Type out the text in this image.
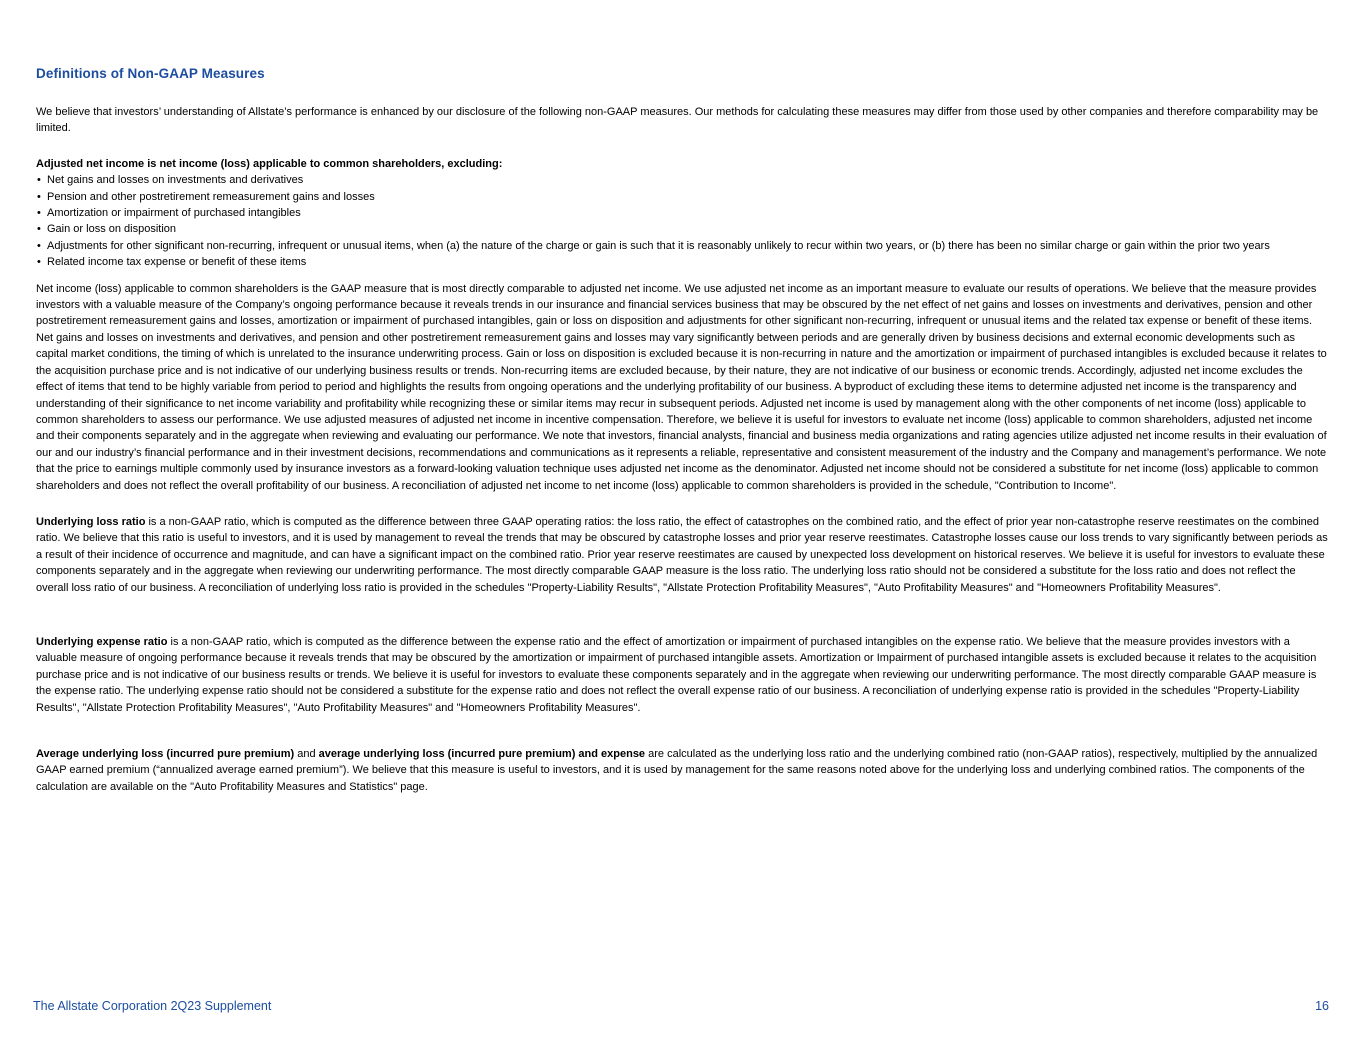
Definitions of Non-GAAP Measures

We believe that investors’ understanding of Allstate’s performance is enhanced by our disclosure of the following non-GAAP measures. Our methods for calculating these measures may differ from those used by other companies and therefore comparability may be limited.

Adjusted net income is net income (loss) applicable to common shareholders, excluding:

• Net gains and losses on investments and derivatives
• Pension and other postretirement remeasurement gains and losses
• Amortization or impairment of purchased intangibles
• Gain or loss on disposition
• Adjustments for other significant non-recurring, infrequent or unusual items, when (a) the nature of the charge or gain is such that it is reasonably unlikely to recur within two years, or (b) there has been no similar charge or gain within the prior two years
• Related income tax expense or benefit of these items

Net income (loss) applicable to common shareholders is the GAAP measure that is most directly comparable to adjusted net income. We use adjusted net income as an important measure to evaluate our results of operations. We believe that the measure provides investors with a valuable measure of the Company’s ongoing performance because it reveals trends in our insurance and financial services business that may be obscured by the net effect of net gains and losses on investments and derivatives, pension and other postretirement remeasurement gains and losses, amortization or impairment of purchased intangibles, gain or loss on disposition and adjustments for other significant non-recurring, infrequent or unusual items and the related tax expense or benefit of these items. Net gains and losses on investments and derivatives, and pension and other postretirement remeasurement gains and losses may vary significantly between periods and are generally driven by business decisions and external economic developments such as capital market conditions, the timing of which is unrelated to the insurance underwriting process. Gain or loss on disposition is excluded because it is non-recurring in nature and the amortization or impairment of purchased intangibles is excluded because it relates to the acquisition purchase price and is not indicative of our underlying business results or trends. Non-recurring items are excluded because, by their nature, they are not indicative of our business or economic trends. Accordingly, adjusted net income excludes the effect of items that tend to be highly variable from period to period and highlights the results from ongoing operations and the underlying profitability of our business. A byproduct of excluding these items to determine adjusted net income is the transparency and understanding of their significance to net income variability and profitability while recognizing these or similar items may recur in subsequent periods. Adjusted net income is used by management along with the other components of net income (loss) applicable to common shareholders to assess our performance. We use adjusted measures of adjusted net income in incentive compensation. Therefore, we believe it is useful for investors to evaluate net income (loss) applicable to common shareholders, adjusted net income and their components separately and in the aggregate when reviewing and evaluating our performance. We note that investors, financial analysts, financial and business media organizations and rating agencies utilize adjusted net income results in their evaluation of our and our industry’s financial performance and in their investment decisions, recommendations and communications as it represents a reliable, representative and consistent measurement of the industry and the Company and management’s performance. We note that the price to earnings multiple commonly used by insurance investors as a forward-looking valuation technique uses adjusted net income as the denominator. Adjusted net income should not be considered a substitute for net income (loss) applicable to common shareholders and does not reflect the overall profitability of our business. A reconciliation of adjusted net income to net income (loss) applicable to common shareholders is provided in the schedule, "Contribution to Income".

Underlying loss ratio is a non-GAAP ratio, which is computed as the difference between three GAAP operating ratios: the loss ratio, the effect of catastrophes on the combined ratio, and the effect of prior year non-catastrophe reserve reestimates on the combined ratio. We believe that this ratio is useful to investors, and it is used by management to reveal the trends that may be obscured by catastrophe losses and prior year reserve reestimates. Catastrophe losses cause our loss trends to vary significantly between periods as a result of their incidence of occurrence and magnitude, and can have a significant impact on the combined ratio. Prior year reserve reestimates are caused by unexpected loss development on historical reserves. We believe it is useful for investors to evaluate these components separately and in the aggregate when reviewing our underwriting performance. The most directly comparable GAAP measure is the loss ratio. The underlying loss ratio should not be considered a substitute for the loss ratio and does not reflect the overall loss ratio of our business. A reconciliation of underlying loss ratio is provided in the schedules "Property-Liability Results", "Allstate Protection Profitability Measures", "Auto Profitability Measures" and "Homeowners Profitability Measures".

Underlying expense ratio is a non-GAAP ratio, which is computed as the difference between the expense ratio and the effect of amortization or impairment of purchased intangibles on the expense ratio. We believe that the measure provides investors with a valuable measure of ongoing performance because it reveals trends that may be obscured by the amortization or impairment of purchased intangible assets. Amortization or Impairment of purchased intangible assets is excluded because it relates to the acquisition purchase price and is not indicative of our business results or trends. We believe it is useful for investors to evaluate these components separately and in the aggregate when reviewing our underwriting performance. The most directly comparable GAAP measure is the expense ratio. The underlying expense ratio should not be considered a substitute for the expense ratio and does not reflect the overall expense ratio of our business. A reconciliation of underlying expense ratio is provided in the schedules "Property-Liability Results", "Allstate Protection Profitability Measures", "Auto Profitability Measures" and "Homeowners Profitability Measures".

Average underlying loss (incurred pure premium) and average underlying loss (incurred pure premium) and expense are calculated as the underlying loss ratio and the underlying combined ratio (non-GAAP ratios), respectively, multiplied by the annualized GAAP earned premium (“annualized average earned premium”). We believe that this measure is useful to investors, and it is used by management for the same reasons noted above for the underlying loss and underlying combined ratios. The components of the calculation are available on the "Auto Profitability Measures and Statistics" page.

The Allstate Corporation 2Q23 Supplement	16
